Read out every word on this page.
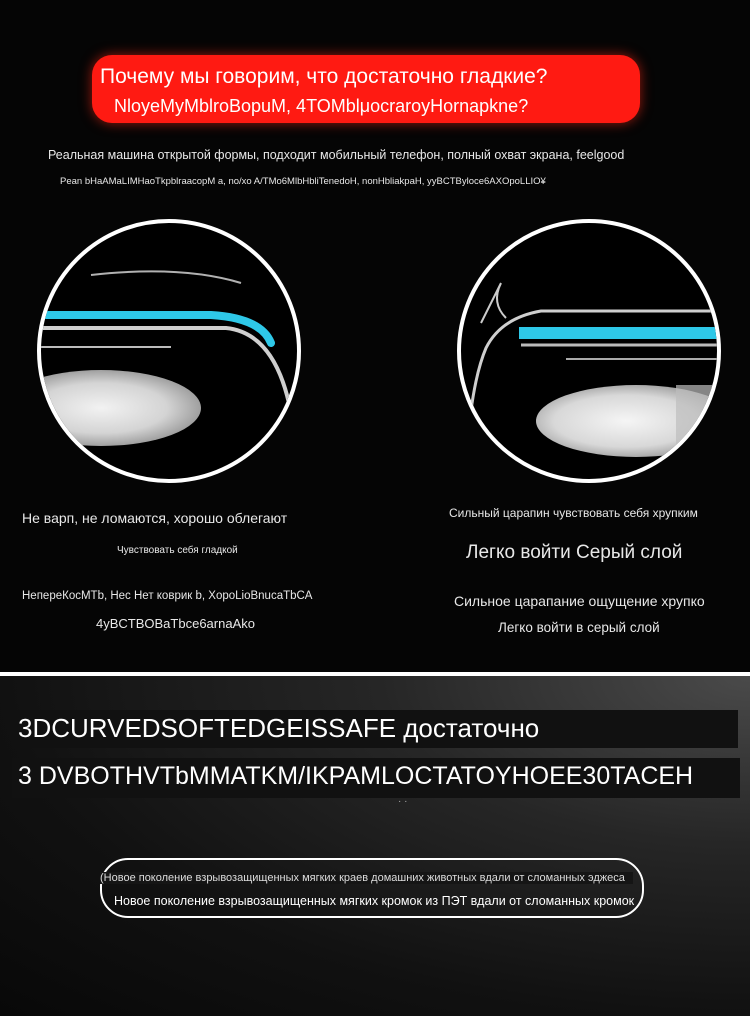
Почему мы говорим, что достаточно гладкие?
NloyeMyMblroBopuM, 4TOMblμocraroyHornapkne?
Реальная машина открытой формы, подходит мобильный телефон, полный охват экрана, feelgood
Pean bHaAMaLIMHaoTkpblraacopM a, no/xo A/TMo6MlbHbliTenedoH, nonHbliakpaH, yyBCTByloce6AXOpoLLIO¥
Не варп, не ломаются, хорошо облегают
Чувствовать себя гладкой
НепереКосMTb, Нес Нет коврик b, XopoLioBnucaTbCA
4yBCTBOBaTbce6arnaAko
Сильный царапин чувствовать себя хрупким
Легко войти Серый слой
Сильное царапание ощущение хрупко
Легко войти в серый слой
3DCURVEDSOFTEDGEISSAFE достаточно
3 DVBOTHVTbMMATKM/IKPAMLOCTATOYHOEE30TACEH
· ·
(Новое поколение взрывозащищенных мягких краев домашних животных вдали от сломанных эджеса
Новое поколение взрывозащищенных мягких кромок из ПЭТ вдали от сломанных кромок
